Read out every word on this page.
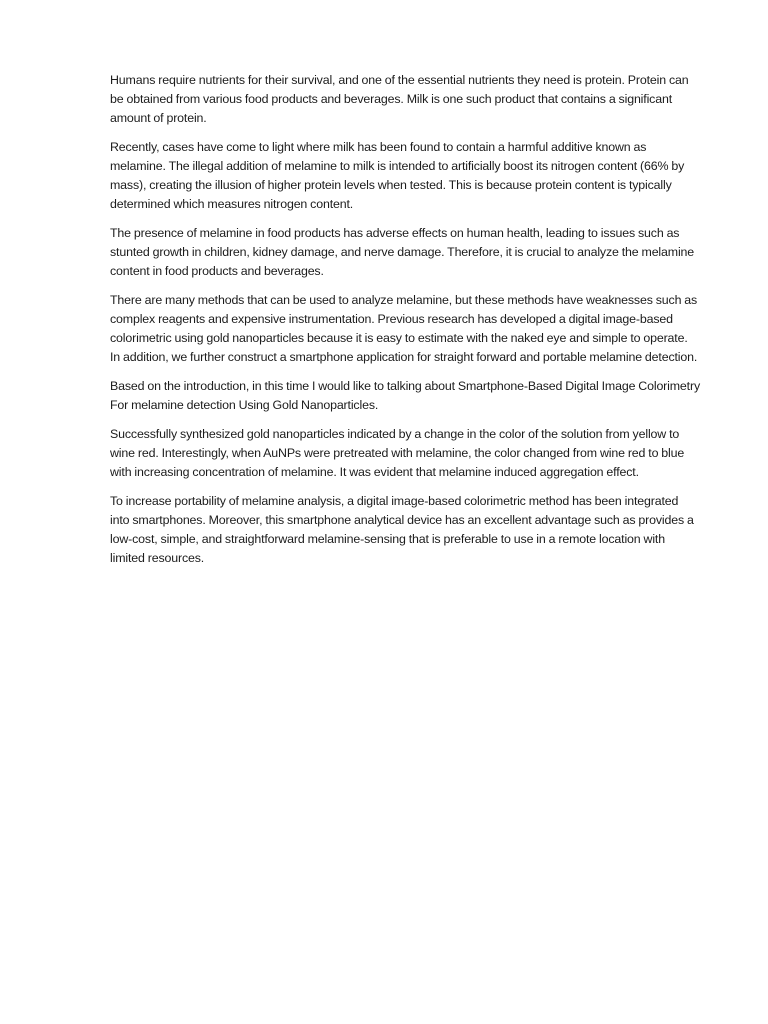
Humans require nutrients for their survival, and one of the essential nutrients they need is protein. Protein can be obtained from various food products and beverages. Milk is one such product that contains a significant amount of protein.

Recently, cases have come to light where milk has been found to contain a harmful additive known as melamine. The illegal addition of melamine to milk is intended to artificially boost its nitrogen content (66% by mass), creating the illusion of higher protein levels when tested. This is because protein content is typically determined which measures nitrogen content.

The presence of melamine in food products has adverse effects on human health, leading to issues such as stunted growth in children, kidney damage, and nerve damage. Therefore, it is crucial to analyze the melamine content in food products and beverages.

There are many methods that can be used to analyze melamine, but these methods have weaknesses such as complex reagents and expensive instrumentation. Previous research has developed a digital image-based colorimetric using gold nanoparticles because it is easy to estimate with the naked eye and simple to operate. In addition, we further construct a smartphone application for straight forward and portable melamine detection.

Based on the introduction, in this time I would like to talking about Smartphone-Based Digital Image Colorimetry For melamine detection Using Gold Nanoparticles.

Successfully synthesized gold nanoparticles indicated by a change in the color of the solution from yellow to wine red. Interestingly, when AuNPs were pretreated with melamine, the color changed from wine red to blue with increasing concentration of melamine. It was evident that melamine induced aggregation effect.

To increase portability of melamine analysis, a digital image-based colorimetric method has been integrated into smartphones. Moreover, this smartphone analytical device has an excellent advantage such as provides a low-cost, simple, and straightforward melamine-sensing that is preferable to use in a remote location with limited resources.
